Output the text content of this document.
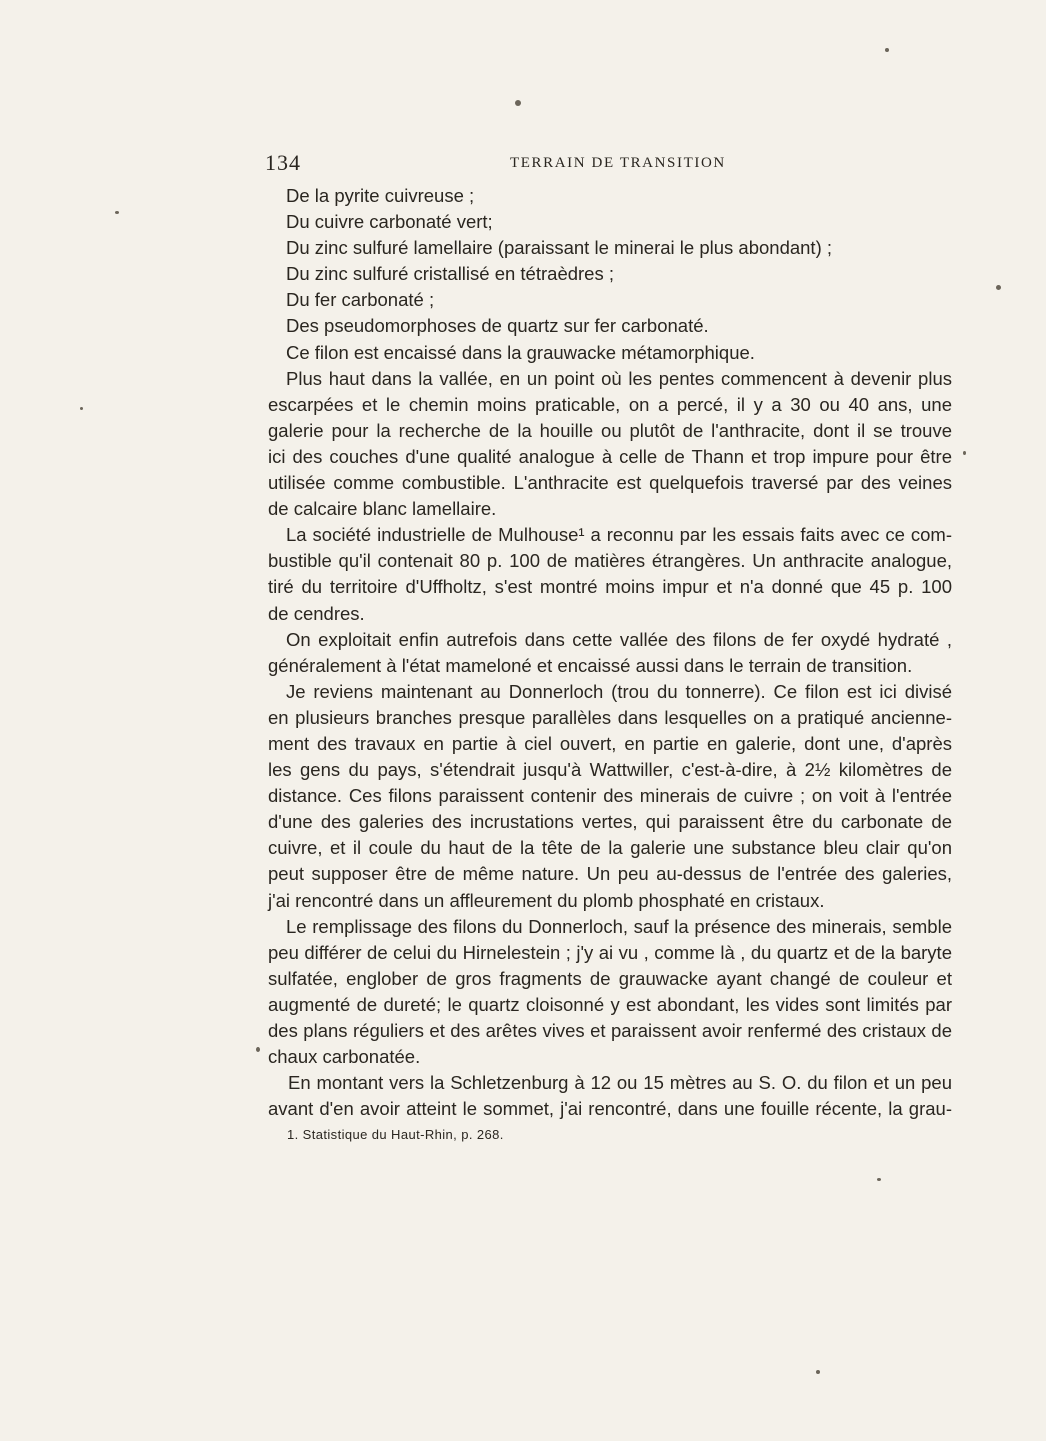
134	TERRAIN DE TRANSITION
De la pyrite cuivreuse ;
Du cuivre carbonaté vert;
Du zinc sulfuré lamellaire (paraissant le minerai le plus abondant) ;
Du zinc sulfuré cristallisé en tétraèdres ;
Du fer carbonaté ;
Des pseudomorphoses de quartz sur fer carbonaté.
Ce filon est encaissé dans la grauwacke métamorphique.
Plus haut dans la vallée, en un point où les pentes commencent à devenir plus
escarpées et le chemin moins praticable, on a percé, il y a 30 ou 40 ans, une
galerie pour la recherche de la houille ou plutôt de l'anthracite, dont il se trouve
ici des couches d'une qualité analogue à celle de Thann et trop impure pour être
utilisée comme combustible. L'anthracite est quelquefois traversé par des veines
de calcaire blanc lamellaire.
La société industrielle de Mulhouse¹ a reconnu par les essais faits avec ce com-
bustible qu'il contenait 80 p. 100 de matières étrangères. Un anthracite analogue,
tiré du territoire d'Uffholtz, s'est montré moins impur et n'a donné que 45 p. 100
de cendres.
On exploitait enfin autrefois dans cette vallée des filons de fer oxydé hydraté ,
généralement à l'état mameloné et encaissé aussi dans le terrain de transition.
Je reviens maintenant au Donnerloch (trou du tonnerre). Ce filon est ici divisé
en plusieurs branches presque parallèles dans lesquelles on a pratiqué ancienne-
ment des travaux en partie à ciel ouvert, en partie en galerie, dont une, d'après
les gens du pays, s'étendrait jusqu'à Wattwiller, c'est-à-dire, à 2½ kilomètres de
distance. Ces filons paraissent contenir des minerais de cuivre ; on voit à l'entrée
d'une des galeries des incrustations vertes, qui paraissent être du carbonate de
cuivre, et il coule du haut de la tête de la galerie une substance bleu clair qu'on
peut supposer être de même nature. Un peu au-dessus de l'entrée des galeries,
j'ai rencontré dans un affleurement du plomb phosphaté en cristaux.
Le remplissage des filons du Donnerloch, sauf la présence des minerais, semble
peu différer de celui du Hirnelestein ; j'y ai vu , comme là , du quartz et de la baryte
sulfatée, englober de gros fragments de grauwacke ayant changé de couleur et
augmenté de dureté; le quartz cloisonné y est abondant, les vides sont limités par
des plans réguliers et des arêtes vives et paraissent avoir renfermé des cristaux de
chaux carbonatée.
En montant vers la Schletzenburg à 12 ou 15 mètres au S. O. du filon et un peu
avant d'en avoir atteint le sommet, j'ai rencontré, dans une fouille récente, la grau-
1. Statistique du Haut-Rhin, p. 268.
